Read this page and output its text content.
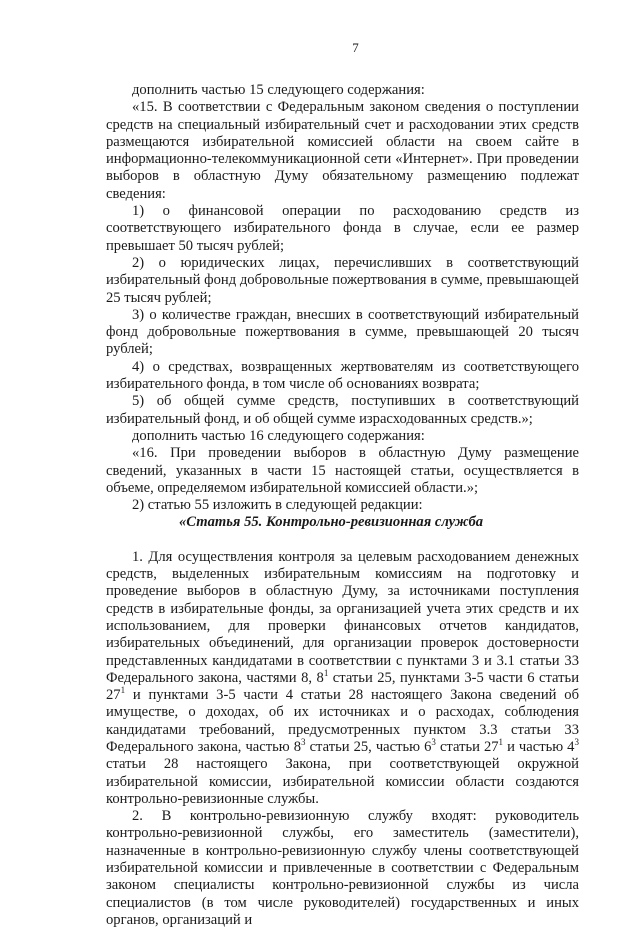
7

дополнить частью 15 следующего содержания:

«15. В соответствии с Федеральным законом сведения о поступлении средств на специальный избирательный счет и расходовании этих средств размещаются избирательной комиссией области на своем сайте в информационно-телекоммуникационной сети «Интернет». При проведении выборов в областную Думу обязательному размещению подлежат сведения:

1) о финансовой операции по расходованию средств из соответствующего избирательного фонда в случае, если ее размер превышает 50 тысяч рублей;

2) о юридических лицах, перечисливших в соответствующий избирательный фонд добровольные пожертвования в сумме, превышающей 25 тысяч рублей;

3) о количестве граждан, внесших в соответствующий избирательный фонд добровольные пожертвования в сумме, превышающей 20 тысяч рублей;

4) о средствах, возвращенных жертвователям из соответствующего избирательного фонда, в том числе об основаниях возврата;

5) об общей сумме средств, поступивших в соответствующий избирательный фонд, и об общей сумме израсходованных средств.»;

дополнить частью 16 следующего содержания:

«16. При проведении выборов в областную Думу размещение сведений, указанных в части 15 настоящей статьи, осуществляется в объеме, определяемом избирательной комиссией области.»;

2) статью 55 изложить в следующей редакции:

«Статья 55. Контрольно-ревизионная служба

1. Для осуществления контроля за целевым расходованием денежных средств, выделенных избирательным комиссиям на подготовку и проведение выборов в областную Думу, за источниками поступления средств в избирательные фонды, за организацией учета этих средств и их использованием, для проверки финансовых отчетов кандидатов, избирательных объединений, для организации проверок достоверности представленных кандидатами в соответствии с пунктами 3 и 3.1 статьи 33 Федерального закона, частями 8, $8^1$ статьи 25, пунктами 3-5 части 6 статьи $27^1$ и пунктами 3-5 части 4 статьи 28 настоящего Закона сведений об имуществе, о доходах, об их источниках и о расходах, соблюдения кандидатами требований, предусмотренных пунктом 3.3 статьи 33 Федерального закона, частью $8^3$ статьи 25, частью $6^3$ статьи $27^1$ и частью $4^3$ статьи 28 настоящего Закона, при соответствующей окружной избирательной комиссии, избирательной комиссии области создаются контрольно-ревизионные службы.

2. В контрольно-ревизионную службу входят: руководитель контрольно-ревизионной службы, его заместитель (заместители), назначенные в контрольно-ревизионную службу члены соответствующей избирательной комиссии и привлеченные в соответствии с Федеральным законом специалисты контрольно-ревизионной службы из числа специалистов (в том числе руководителей) государственных и иных органов, организаций и
